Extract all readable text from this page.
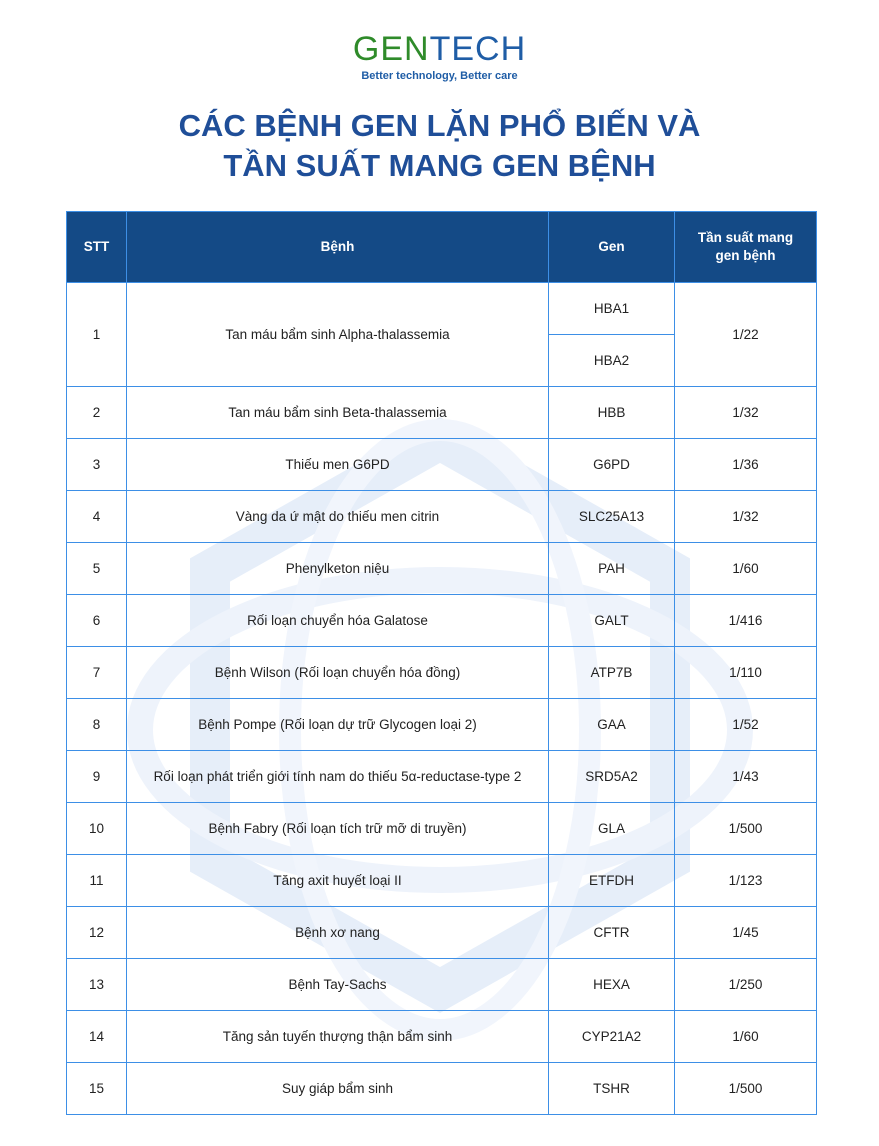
GENTECH
Better technology, Better care
CÁC BỆNH GEN LẶN PHỔ BIẾN VÀ
TẦN SUẤT MANG GEN BỆNH
STT	Bệnh	Gen	Tần suất mang
gen bệnh
1	Tan máu bẩm sinh Alpha-thalassemia	HBA1	1/22
		HBA2	
2	Tan máu bẩm sinh Beta-thalassemia	HBB	1/32
3	Thiếu men G6PD	G6PD	1/36
4	Vàng da ứ mật do thiếu men citrin	SLC25A13	1/32
5	Phenylketon niệu	PAH	1/60
6	Rối loạn chuyển hóa Galatose	GALT	1/416
7	Bệnh Wilson (Rối loạn chuyển hóa đồng)	ATP7B	1/110
8	Bệnh Pompe (Rối loạn dự trữ Glycogen loại 2)	GAA	1/52
9	Rối loạn phát triển giới tính nam do thiếu 5α-reductase-type 2	SRD5A2	1/43
10	Bệnh Fabry (Rối loạn tích trữ mỡ di truyền)	GLA	1/500
11	Tăng axit huyết loại II	ETFDH	1/123
12	Bệnh xơ nang	CFTR	1/45
13	Bệnh Tay-Sachs	HEXA	1/250
14	Tăng sản tuyến thượng thận bẩm sinh	CYP21A2	1/60
15	Suy giáp bẩm sinh	TSHR	1/500
